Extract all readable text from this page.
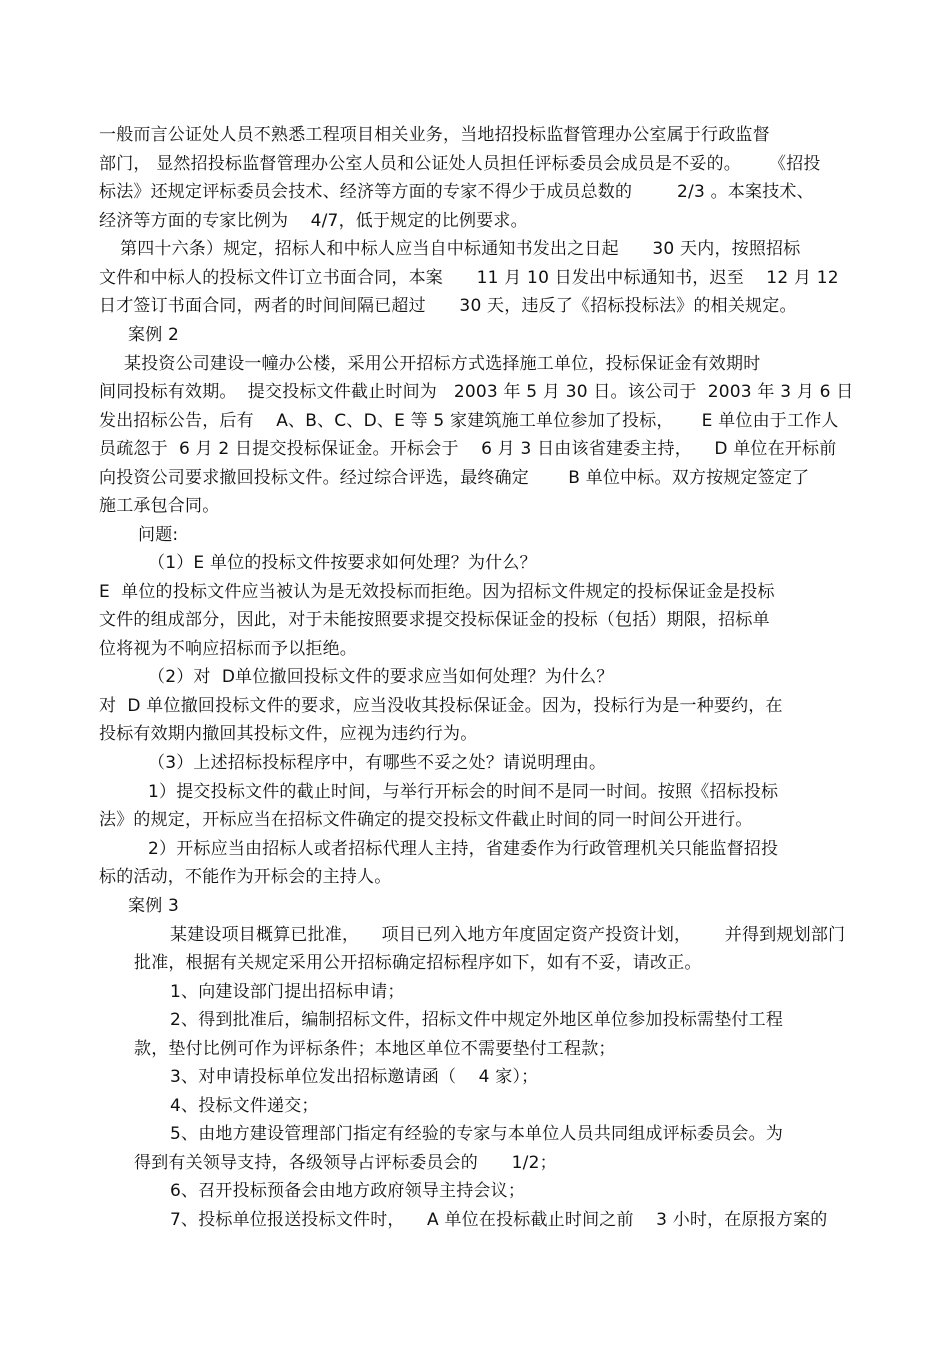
一般而言公证处人员不熟悉工程项目相关业务，当地招投标监督管理办公室属于行政监督
部门， 显然招投标监督管理办公室人员和公证处人员担任评标委员会成员是不妥的。     《招投
标法》还规定评标委员会技术、经济等方面的专家不得少于成员总数的        2/3 。本案技术、
经济等方面的专家比例为    4/7，低于规定的比例要求。
第四十六条）规定，招标人和中标人应当自中标通知书发出之日起      30 天内，按照招标
文件和中标人的投标文件订立书面合同，本案      11 月 10 日发出中标通知书，迟至    12 月 12
日才签订书面合同，两者的时间间隔已超过      30 天，违反了《招标投标法》的相关规定。
案例 2
某投资公司建设一幢办公楼，采用公开招标方式选择施工单位，投标保证金有效期时
间同投标有效期。  提交投标文件截止时间为   2003 年 5 月 30 日。该公司于  2003 年 3 月 6 日
发出招标公告，后有    A、B、C、D、E 等 5 家建筑施工单位参加了投标，     E 单位由于工作人
员疏忽于  6 月 2 日提交投标保证金。开标会于    6 月 3 日由该省建委主持，    D 单位在开标前
向投资公司要求撤回投标文件。经过综合评选，最终确定       B 单位中标。双方按规定签定了
施工承包合同。
问题:
（1）E 单位的投标文件按要求如何处理？为什么？
E  单位的投标文件应当被认为是无效投标而拒绝。因为招标文件规定的投标保证金是投标
文件的组成部分，因此，对于未能按照要求提交投标保证金的投标（包括）期限，招标单
位将视为不响应招标而予以拒绝。
（2）对  D单位撤回投标文件的要求应当如何处理？为什么？
对  D 单位撤回投标文件的要求，应当没收其投标保证金。因为，投标行为是一种要约，在
投标有效期内撤回其投标文件，应视为违约行为。
（3）上述招标投标程序中，有哪些不妥之处？请说明理由。
1）提交投标文件的截止时间，与举行开标会的时间不是同一时间。按照《招标投标
法》的规定，开标应当在招标文件确定的提交投标文件截止时间的同一时间公开进行。
2）开标应当由招标人或者招标代理人主持，省建委作为行政管理机关只能监督招投
标的活动，不能作为开标会的主持人。
案例 3
某建设项目概算已批准，    项目已列入地方年度固定资产投资计划，      并得到规划部门
批准，根据有关规定采用公开招标确定招标程序如下，如有不妥，请改正。
1、向建设部门提出招标申请；
2、得到批准后，编制招标文件，招标文件中规定外地区单位参加投标需垫付工程
款，垫付比例可作为评标条件；本地区单位不需要垫付工程款；
3、对申请投标单位发出招标邀请函（    4 家）；
4、投标文件递交；
5、由地方建设管理部门指定有经验的专家与本单位人员共同组成评标委员会。为
得到有关领导支持，各级领导占评标委员会的      1/2；
6、召开投标预备会由地方政府领导主持会议；
7、投标单位报送投标文件时，    A 单位在投标截止时间之前    3 小时，在原报方案的
